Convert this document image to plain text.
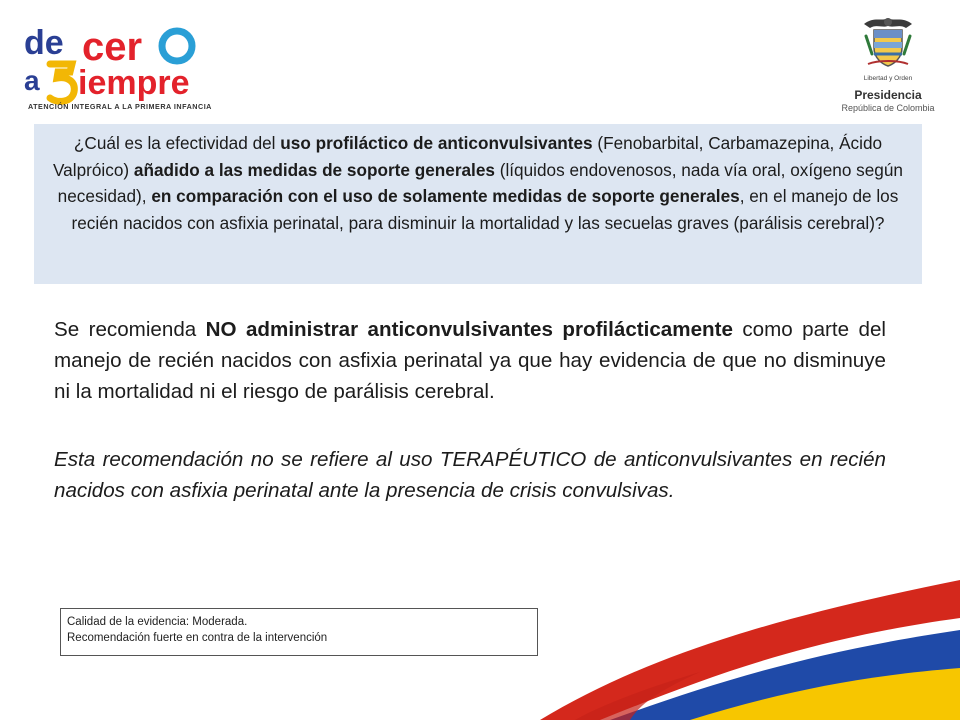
de cer
a iempre
ATENCIÓN INTEGRAL A LA PRIMERA INFANCIA
Libertad y Orden
Presidencia
República de Colombia
¿Cuál es la efectividad del uso profiláctico de anticonvulsivantes (Fenobarbital, Carbamazepina, Ácido Valpróico) añadido a las medidas de soporte generales (líquidos endovenosos, nada vía oral, oxígeno según necesidad), en comparación con el uso de solamente medidas de soporte generales, en el manejo de los recién nacidos con asfixia perinatal, para disminuir la mortalidad y las secuelas graves (parálisis cerebral)?
Se recomienda NO administrar anticonvulsivantes profilácticamente como parte del manejo de recién nacidos con asfixia perinatal ya que hay evidencia de que no disminuye ni la mortalidad ni el riesgo de parálisis cerebral.
Esta recomendación no se refiere al uso TERAPÉUTICO de anticonvulsivantes en recién nacidos con asfixia perinatal ante la presencia de crisis convulsivas.
Calidad de la evidencia: Moderada.
Recomendación fuerte en contra de la intervención
